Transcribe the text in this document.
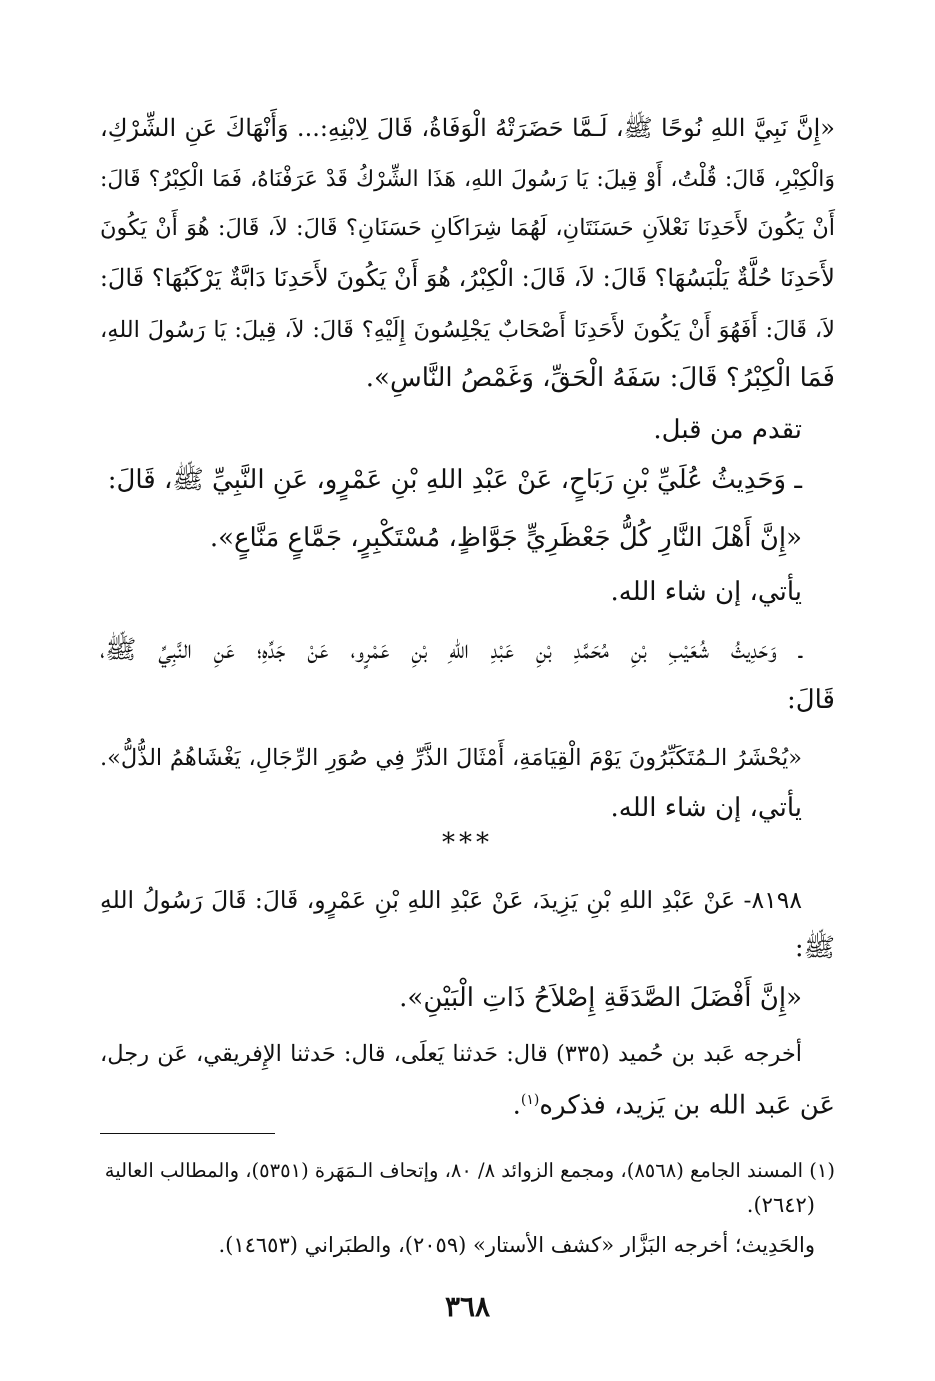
«إِنَّ نَبِيَّ اللهِ نُوحًا ﷺ، لَـمَّا حَضَرَتْهُ الْوَفَاةُ، قَالَ لِابْنِهِ:... وَأَنْهَاكَ عَنِ الشِّرْكِ،
وَالْكِبْرِ، قَالَ: قُلْتُ، أَوْ قِيلَ: يَا رَسُولَ اللهِ، هَذَا الشِّرْكُ قَدْ عَرَفْنَاهُ، فَمَا الْكِبْرُ؟ قَالَ:
أَنْ يَكُونَ لأَحَدِنَا نَعْلاَنِ حَسَنَتَانِ، لَهُمَا شِرَاكَانِ حَسَنَانِ؟ قَالَ: لاَ، قَالَ: هُوَ أَنْ يَكُونَ
لأَحَدِنَا حُلَّةٌ يَلْبَسُهَا؟ قَالَ: لاَ، قَالَ: الْكِبْرُ، هُوَ أَنْ يَكُونَ لأَحَدِنَا دَابَّةٌ يَرْكَبُهَا؟ قَالَ:
لاَ، قَالَ: أَفَهُوَ أَنْ يَكُونَ لأَحَدِنَا أَصْحَابٌ يَجْلِسُونَ إِلَيْهِ؟ قَالَ: لاَ، قِيلَ: يَا رَسُولَ اللهِ،
فَمَا الْكِبْرُ؟ قَالَ: سَفَهُ الْحَقِّ، وَغَمْصُ النَّاسِ».
تقدم من قبل.
ـ وَحَدِيثُ عُلَيِّ بْنِ رَبَاحٍ، عَنْ عَبْدِ اللهِ بْنِ عَمْرٍو، عَنِ النَّبِيِّ ﷺ، قَالَ:
«إِنَّ أَهْلَ النَّارِ كُلُّ جَعْظَرِيٍّ جَوَّاظٍ، مُسْتَكْبِرٍ، جَمَّاعٍ مَنَّاعٍ».
يأتي، إن شاء الله.
ـ وَحَدِيثُ شُعَيْبِ بْنِ مُحَمَّدِ بْنِ عَبْدِ اللهِ بْنِ عَمْرٍو، عَنْ جَدِّهِ؛ عَنِ النَّبِيِّ ﷺ،
قَالَ:
«يُحْشَرُ الـمُتَكَبِّرُونَ يَوْمَ الْقِيَامَةِ، أَمْثَالَ الذَّرِّ فِي صُوَرِ الرِّجَالِ، يَغْشَاهُمُ الذُّلُّ».
يأتي، إن شاء الله.
***
٨١٩٨- عَنْ عَبْدِ اللهِ بْنِ يَزِيدَ، عَنْ عَبْدِ اللهِ بْنِ عَمْرٍو، قَالَ: قَالَ رَسُولُ اللهِ
ﷺ:
«إِنَّ أَفْضَلَ الصَّدَقَةِ إِصْلاَحُ ذَاتِ الْبَيْنِ».
أخرجه عَبد بن حُميد (٣٣٥) قال: حَدثنا يَعلَى، قال: حَدثنا الإِفريقي، عَن رجل،
عَن عَبد الله بن يَزيد، فذكره$^{(١)}$.
(١) المسند الجامع (٨٥٦٨)، ومجمع الزوائد ٨/ ٨٠، وإتحاف الـمَهَرة (٥٣٥١)، والمطالب العالية
(٢٦٤٢).
والحَدِيث؛ أخرجه البَزَّار «كشف الأستار» (٢٠٥٩)، والطبَراني (١٤٦٥٣).
٣٦٨
